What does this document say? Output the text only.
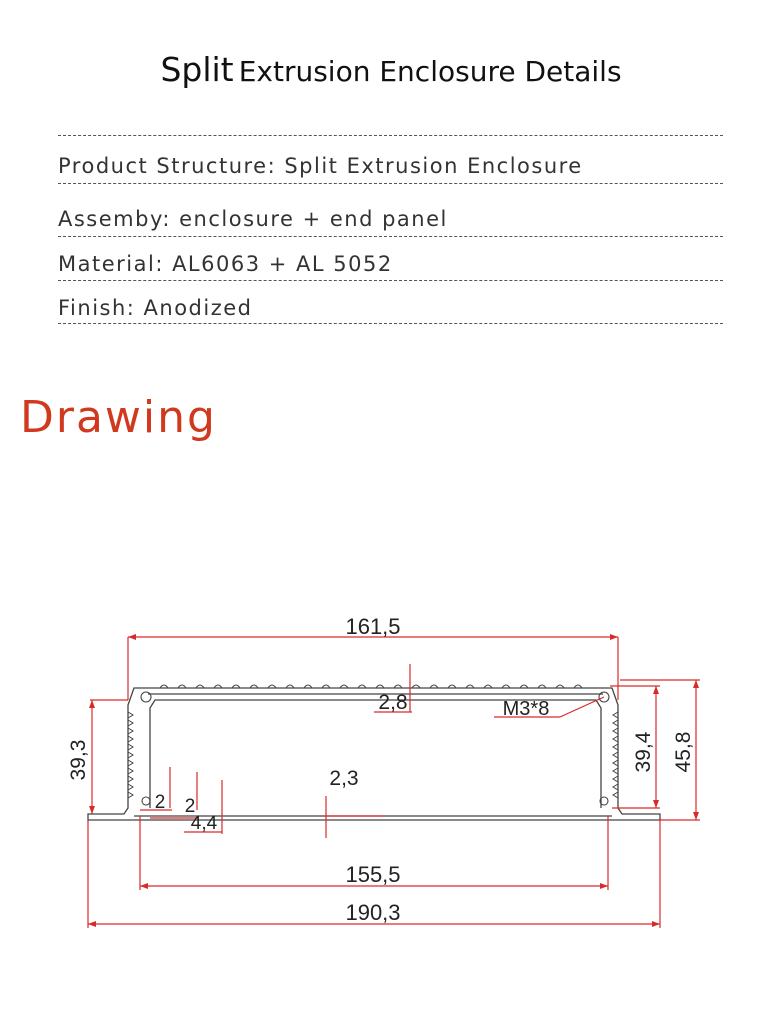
Split Extrusion Enclosure Details
Product Structure: Split Extrusion Enclosure
Assemby: enclosure + end panel
Material: AL6063 + AL 5052
Finish: Anodized
Drawing
161,5
2,8	M3*8
39,3	39,4 45,8
2,3
2 2
4,4
155,5
190,3
